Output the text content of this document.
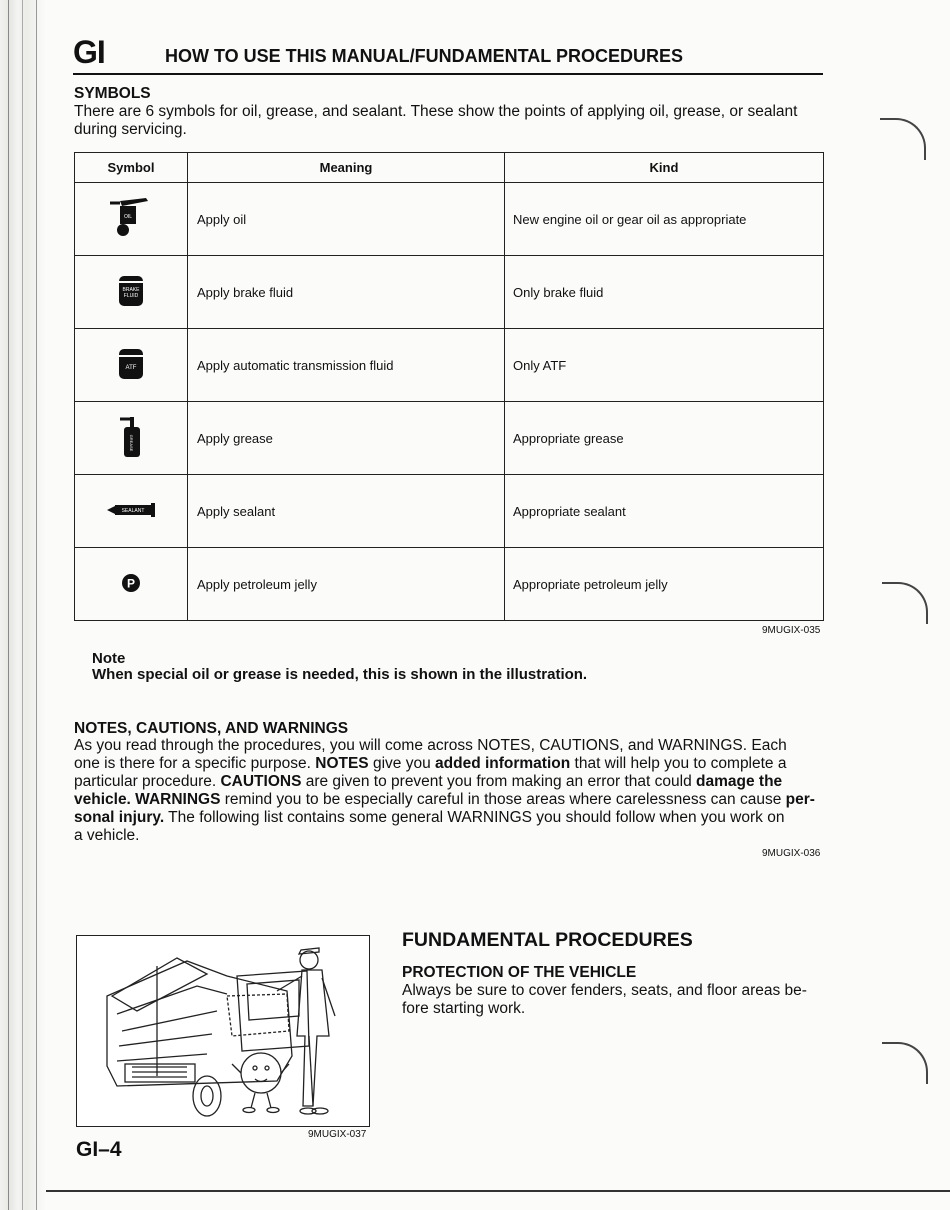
GI	HOW TO USE THIS MANUAL/FUNDAMENTAL PROCEDURES
SYMBOLS
There are 6 symbols for oil, grease, and sealant. These show the points of applying oil, grease, or sealant during servicing.
Symbol	Meaning	Kind

OIL	Apply oil	New engine oil or gear oil as appropriate

BRAKE
FLUID	Apply brake fluid	Only brake fluid

ATF	Apply automatic transmission fluid	Only ATF

GREASE	Apply grease	Appropriate grease

SEALANT	Apply sealant	Appropriate sealant

P	Apply petroleum jelly	Appropriate petroleum jelly
9MUGIX-035
Note
When special oil or grease is needed, this is shown in the illustration.
NOTES, CAUTIONS, AND WARNINGS
As you read through the procedures, you will come across NOTES, CAUTIONS, and WARNINGS. Each
one is there for a specific purpose. NOTES give you added information that will help you to complete a
particular procedure. CAUTIONS are given to prevent you from making an error that could damage the
vehicle. WARNINGS remind you to be especially careful in those areas where carelessness can cause per-
sonal injury. The following list contains some general WARNINGS you should follow when you work on
a vehicle.
9MUGIX-036
9MUGIX-037
FUNDAMENTAL PROCEDURES
PROTECTION OF THE VEHICLE
Always be sure to cover fenders, seats, and floor areas be-
fore starting work.
GI–4
